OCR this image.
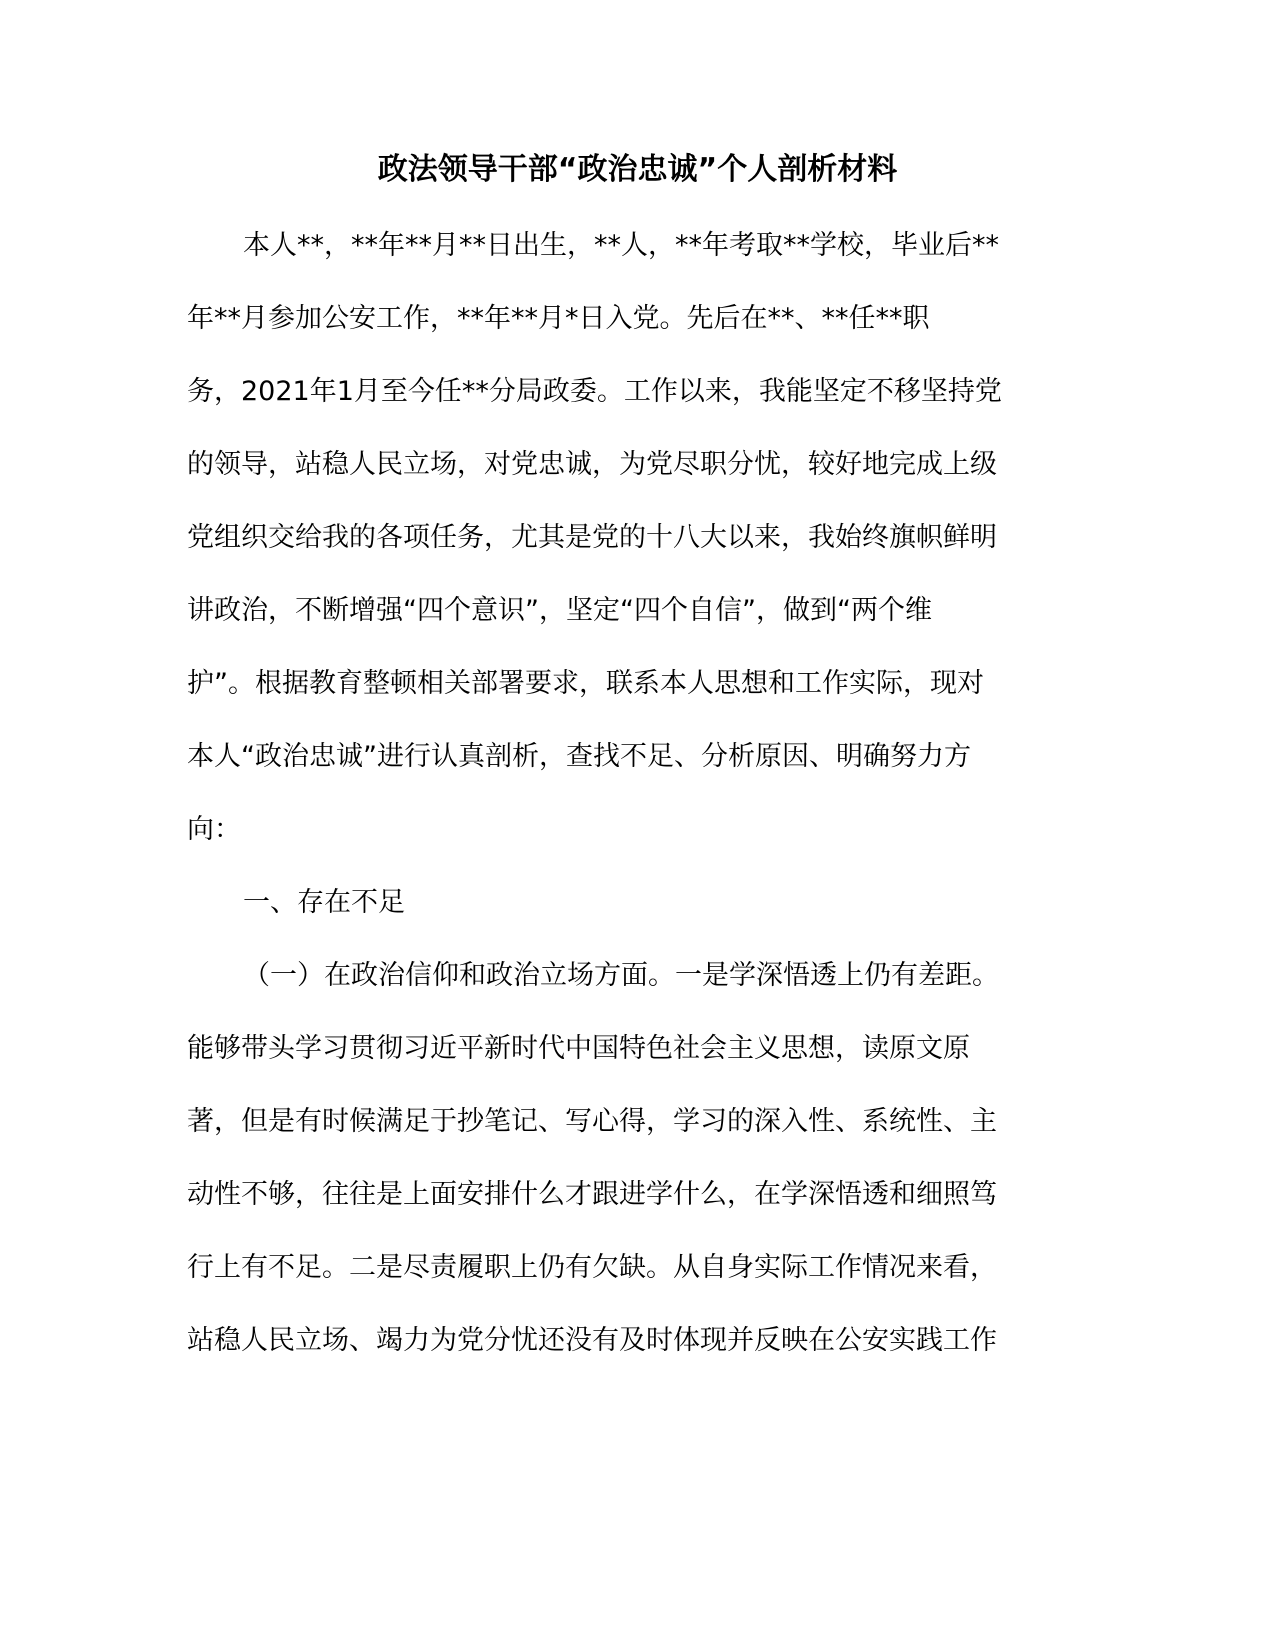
政法领导干部“政治忠诚”个人剖析材料

本人**，**年**月**日出生，**人，**年考取**学校，毕业后**

年**月参加公安工作，**年**月*日入党。先后在**、**任**职

务，2021年1月至今任**分局政委。工作以来，我能坚定不移坚持党

的领导，站稳人民立场，对党忠诚，为党尽职分忧，较好地完成上级

党组织交给我的各项任务，尤其是党的十八大以来，我始终旗帜鲜明

讲政治，不断增强“四个意识”，坚定“四个自信”，做到“两个维

护”。根据教育整顿相关部署要求，联系本人思想和工作实际，现对

本人“政治忠诚”进行认真剖析，查找不足、分析原因、明确努力方

向：

一、存在不足

（一）在政治信仰和政治立场方面。一是学深悟透上仍有差距。

能够带头学习贯彻习近平新时代中国特色社会主义思想，读原文原

著，但是有时候满足于抄笔记、写心得，学习的深入性、系统性、主

动性不够，往往是上面安排什么才跟进学什么，在学深悟透和细照笃

行上有不足。二是尽责履职上仍有欠缺。从自身实际工作情况来看，

站稳人民立场、竭力为党分忧还没有及时体现并反映在公安实践工作
